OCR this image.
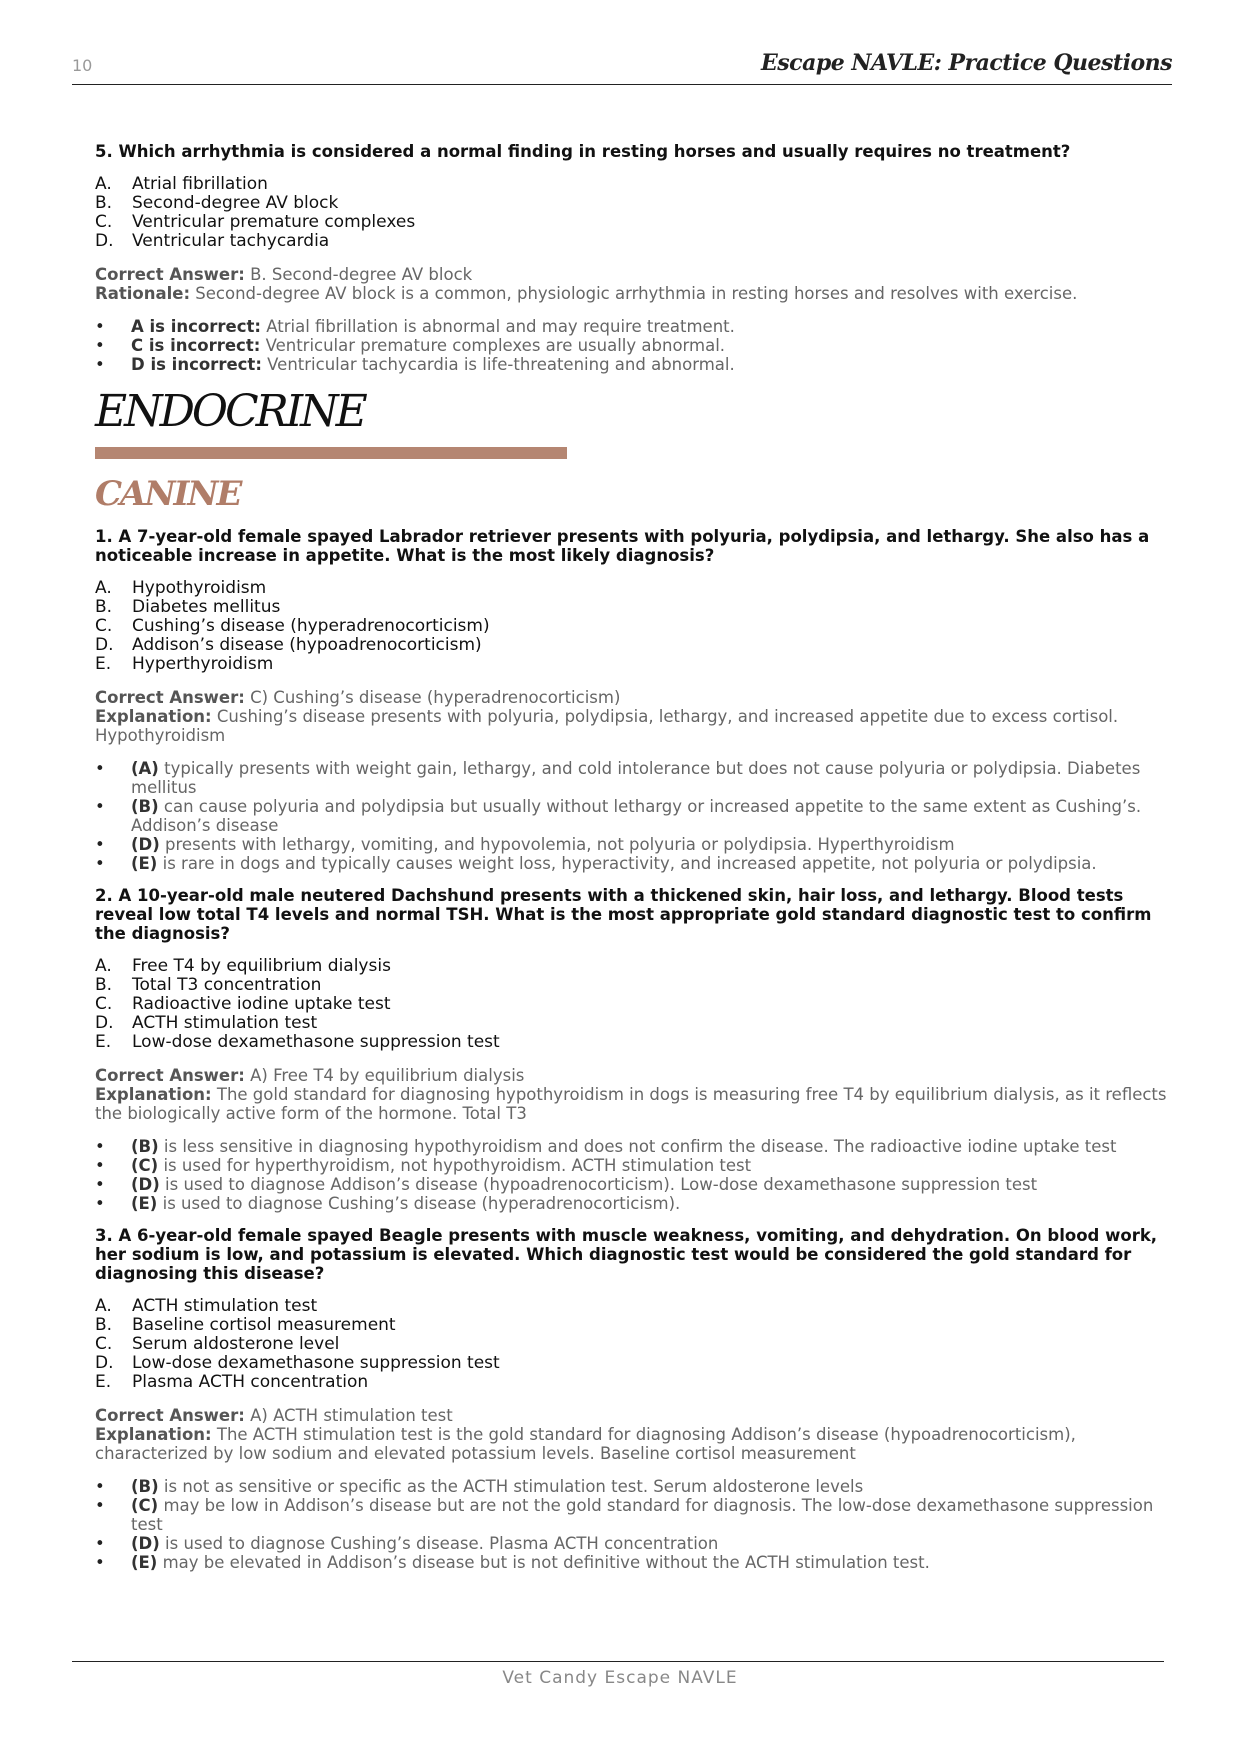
10	Escape NAVLE: Practice Questions
5. Which arrhythmia is considered a normal finding in resting horses and usually requires no treatment?
A.	Atrial fibrillation
B.	Second-degree AV block
C.	Ventricular premature complexes
D.	Ventricular tachycardia
Correct Answer: B. Second-degree AV block
Rationale: Second-degree AV block is a common, physiologic arrhythmia in resting horses and resolves with exercise.
•	A is incorrect: Atrial fibrillation is abnormal and may require treatment.
•	C is incorrect: Ventricular premature complexes are usually abnormal.
•	D is incorrect: Ventricular tachycardia is life-threatening and abnormal.
ENDOCRINE
CANINE
1. A 7-year-old female spayed Labrador retriever presents with polyuria, polydipsia, and lethargy. She also has a noticeable increase in appetite. What is the most likely diagnosis?
A.	Hypothyroidism
B.	Diabetes mellitus
C.	Cushing’s disease (hyperadrenocorticism)
D.	Addison’s disease (hypoadrenocorticism)
E.	Hyperthyroidism
Correct Answer: C) Cushing’s disease (hyperadrenocorticism)
Explanation: Cushing’s disease presents with polyuria, polydipsia, lethargy, and increased appetite due to excess cortisol. Hypothyroidism
•	(A) typically presents with weight gain, lethargy, and cold intolerance but does not cause polyuria or polydipsia. Diabetes mellitus
•	(B) can cause polyuria and polydipsia but usually without lethargy or increased appetite to the same extent as Cushing’s. Addison’s disease
•	(D) presents with lethargy, vomiting, and hypovolemia, not polyuria or polydipsia. Hyperthyroidism
•	(E) is rare in dogs and typically causes weight loss, hyperactivity, and increased appetite, not polyuria or polydipsia.
2. A 10-year-old male neutered Dachshund presents with a thickened skin, hair loss, and lethargy. Blood tests reveal low total T4 levels and normal TSH. What is the most appropriate gold standard diagnostic test to confirm the diagnosis?
A.	Free T4 by equilibrium dialysis
B.	Total T3 concentration
C.	Radioactive iodine uptake test
D.	ACTH stimulation test
E.	Low-dose dexamethasone suppression test
Correct Answer: A) Free T4 by equilibrium dialysis
Explanation: The gold standard for diagnosing hypothyroidism in dogs is measuring free T4 by equilibrium dialysis, as it reflects the biologically active form of the hormone. Total T3
•	(B) is less sensitive in diagnosing hypothyroidism and does not confirm the disease. The radioactive iodine uptake test
•	(C) is used for hyperthyroidism, not hypothyroidism. ACTH stimulation test
•	(D) is used to diagnose Addison’s disease (hypoadrenocorticism). Low-dose dexamethasone suppression test
•	(E) is used to diagnose Cushing’s disease (hyperadrenocorticism).
3. A 6-year-old female spayed Beagle presents with muscle weakness, vomiting, and dehydration. On blood work, her sodium is low, and potassium is elevated. Which diagnostic test would be considered the gold standard for diagnosing this disease?
A.	ACTH stimulation test
B.	Baseline cortisol measurement
C.	Serum aldosterone level
D.	Low-dose dexamethasone suppression test
E.	Plasma ACTH concentration
Correct Answer: A) ACTH stimulation test
Explanation: The ACTH stimulation test is the gold standard for diagnosing Addison’s disease (hypoadrenocorticism), characterized by low sodium and elevated potassium levels. Baseline cortisol measurement
•	(B) is not as sensitive or specific as the ACTH stimulation test. Serum aldosterone levels
•	(C) may be low in Addison’s disease but are not the gold standard for diagnosis. The low-dose dexamethasone suppression test
•	(D) is used to diagnose Cushing’s disease. Plasma ACTH concentration
•	(E) may be elevated in Addison’s disease but is not definitive without the ACTH stimulation test.
Vet Candy Escape NAVLE
